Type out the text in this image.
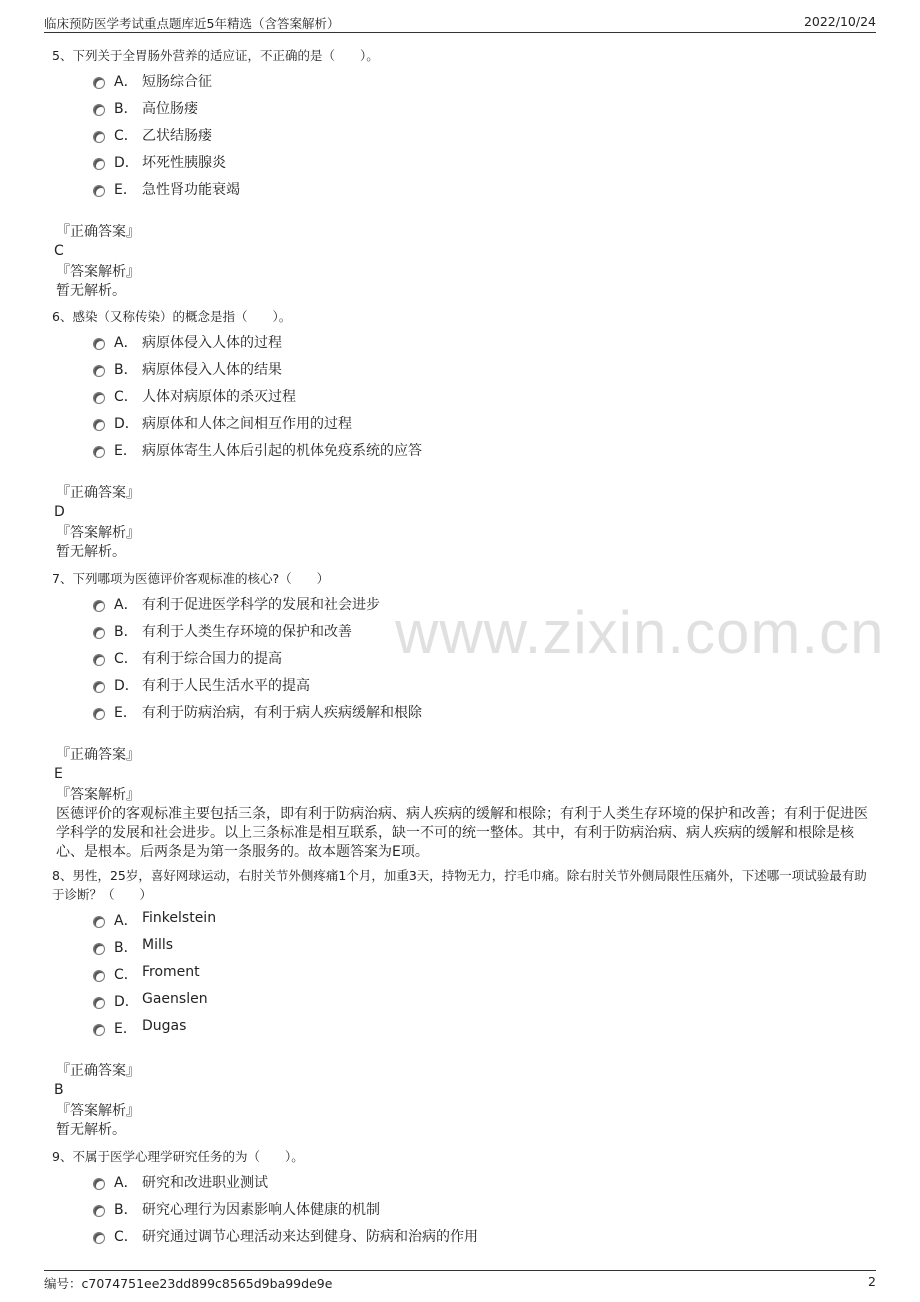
临床预防医学考试重点题库近5年精选（含答案解析）	2022/10/24
www.zixin.com.cn
5、下列关于全胃肠外营养的适应证，不正确的是（　　）。
A． 短肠综合征
B． 高位肠瘘
C． 乙状结肠瘘
D． 坏死性胰腺炎
E． 急性肾功能衰竭
『正确答案』
C
『答案解析』
暂无解析。
6、感染（又称传染）的概念是指（　　）。
A． 病原体侵入人体的过程
B． 病原体侵入人体的结果
C． 人体对病原体的杀灭过程
D． 病原体和人体之间相互作用的过程
E． 病原体寄生人体后引起的机体免疫系统的应答
『正确答案』
D
『答案解析』
暂无解析。
7、下列哪项为医德评价客观标准的核心?（　　）
A． 有利于促进医学科学的发展和社会进步
B． 有利于人类生存环境的保护和改善
C． 有利于综合国力的提高
D． 有利于人民生活水平的提高
E． 有利于防病治病，有利于病人疾病缓解和根除
『正确答案』
E
『答案解析』
医德评价的客观标准主要包括三条，即有利于防病治病、病人疾病的缓解和根除；有利于人类生存环境的保护和改善；有利于促进医学科学的发展和社会进步。以上三条标准是相互联系，缺一不可的统一整体。其中，有利于防病治病、病人疾病的缓解和根除是核心、是根本。后两条是为第一条服务的。故本题答案为E项。
8、男性，25岁，喜好网球运动，右肘关节外侧疼痛1个月，加重3天，持物无力，拧毛巾痛。除右肘关节外侧局限性压痛外，下述哪一项试验最有助于诊断？（　　）
A． Finkelstein
B． Mills
C． Froment
D． Gaenslen
E． Dugas
『正确答案』
B
『答案解析』
暂无解析。
9、不属于医学心理学研究任务的为（　　）。
A． 研究和改进职业测试
B． 研究心理行为因素影响人体健康的机制
C． 研究通过调节心理活动来达到健身、防病和治病的作用
编号：c7074751ee23dd899c8565d9ba99de9e	2
